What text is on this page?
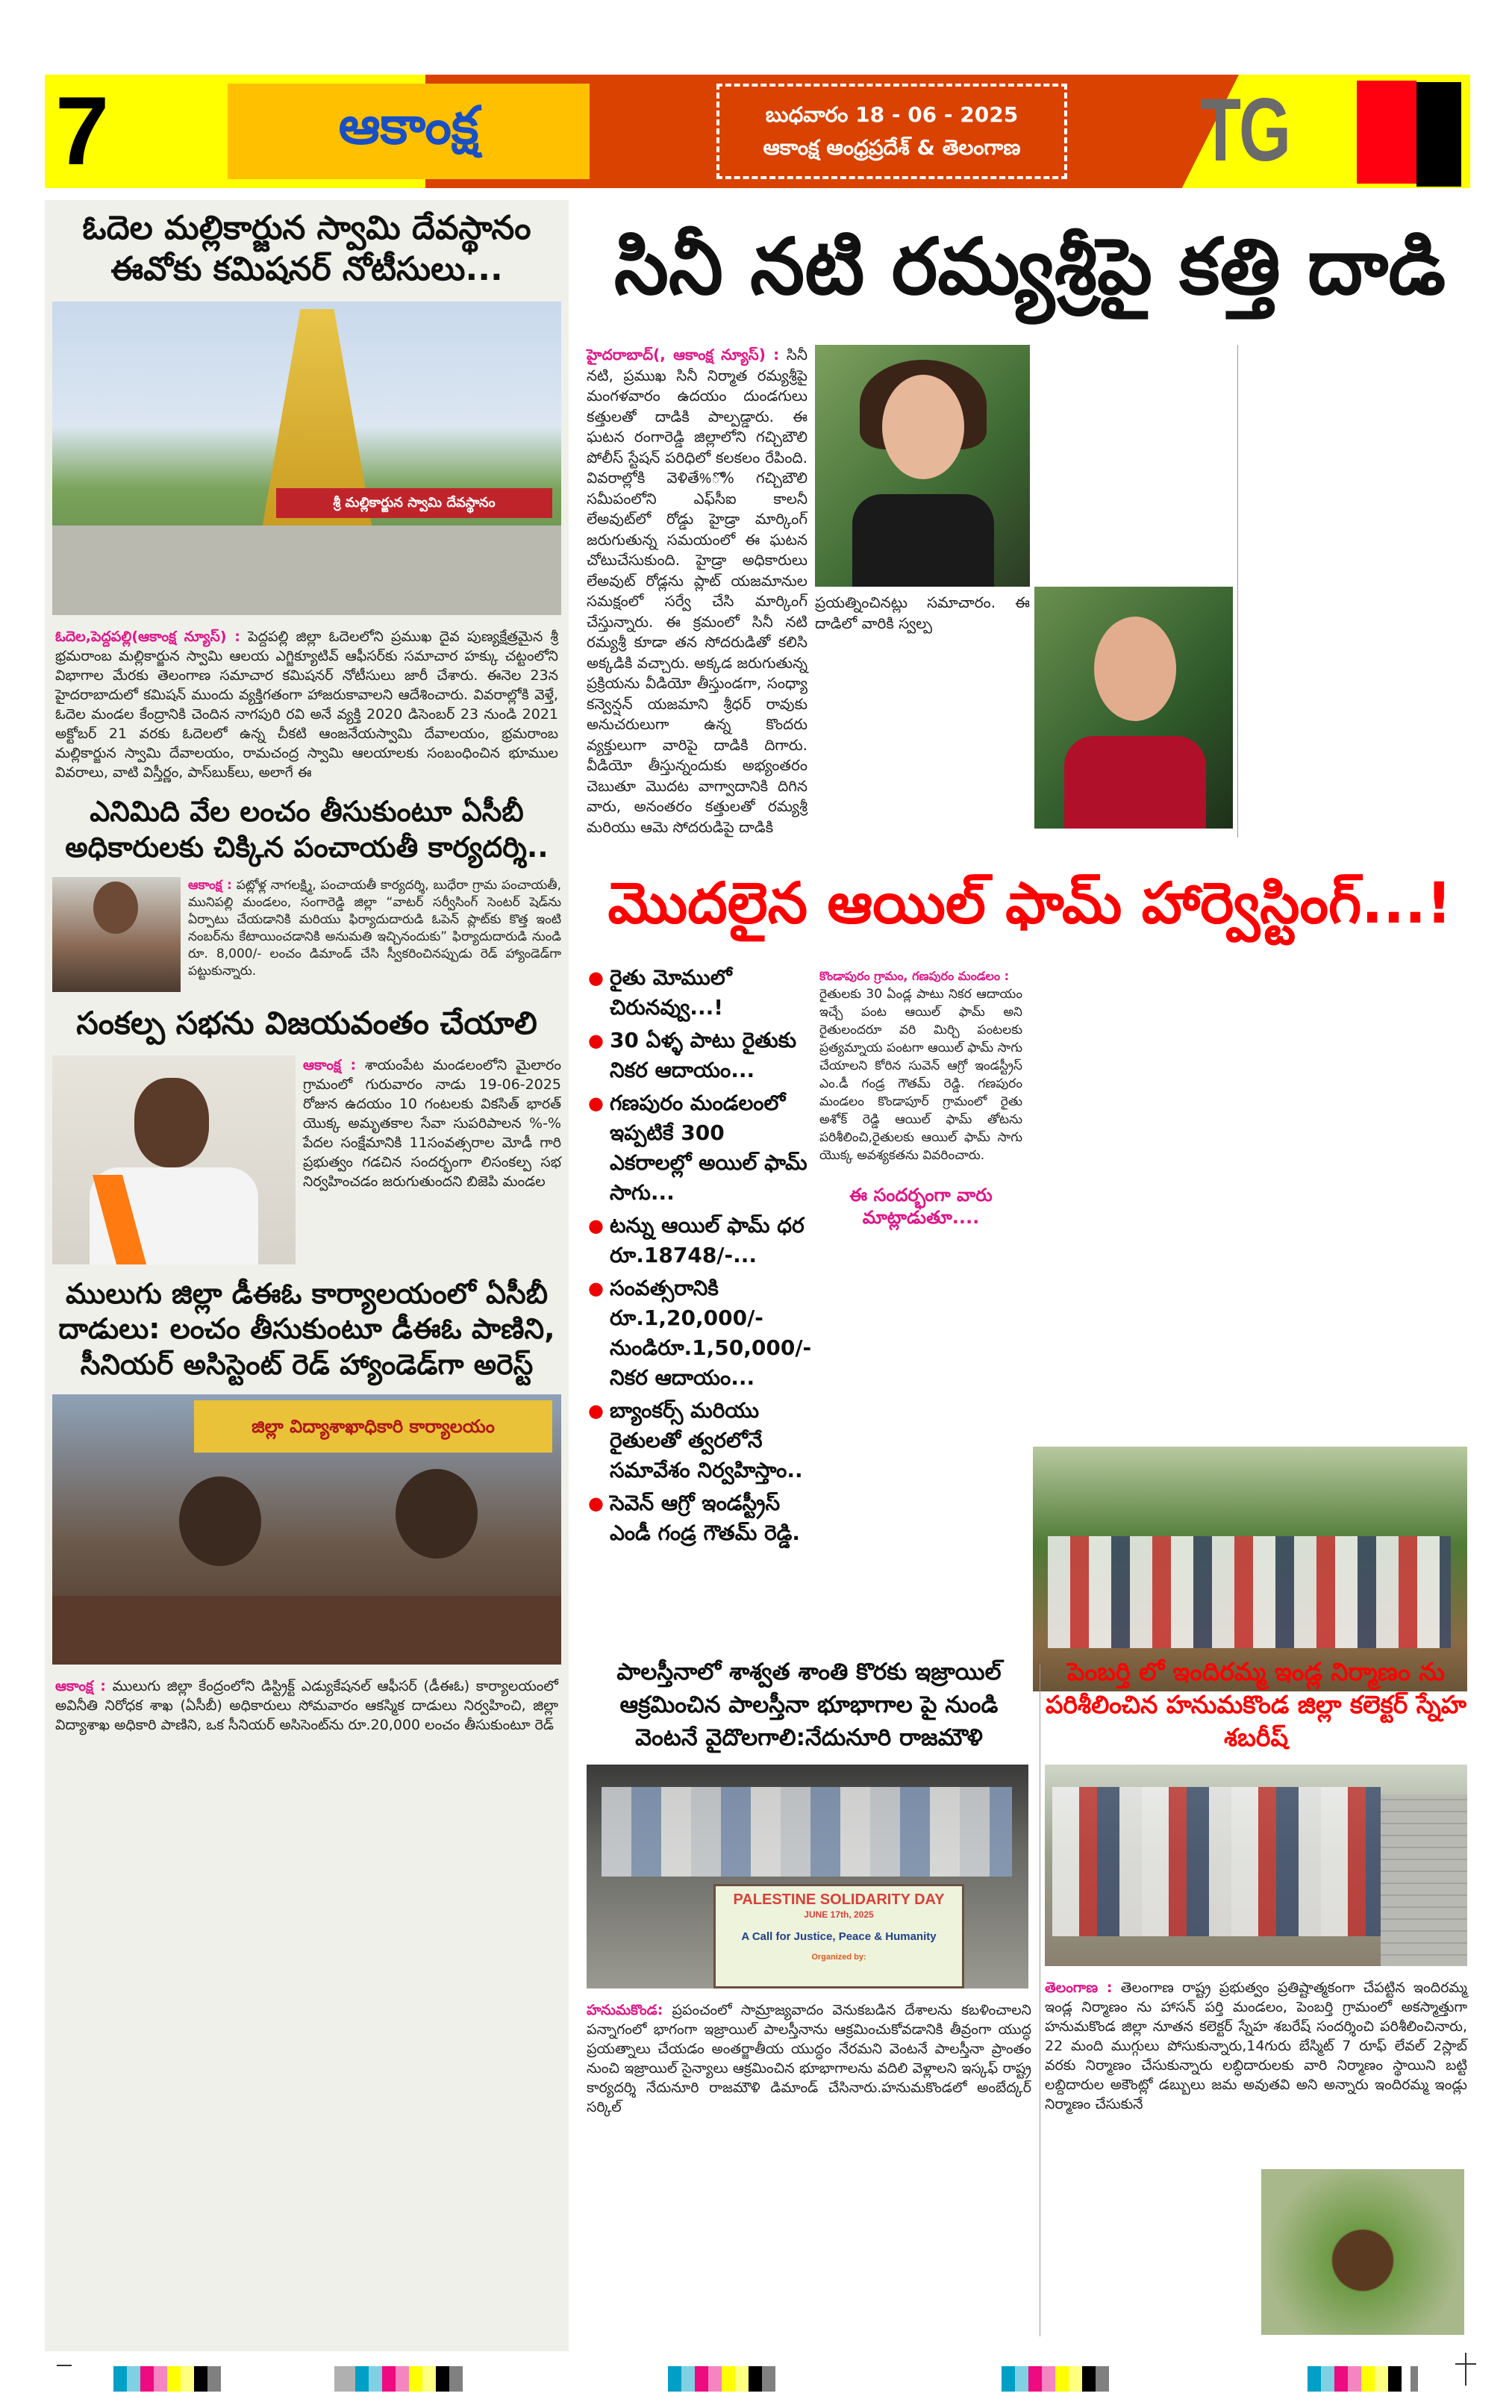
7	ఆకాంక్ష	బుధవారం 18 - 06 - 2025
ఆకాంక్ష ఆంధ్రప్రదేశ్ & తెలంగాణ	TG
ఓదెల మల్లికార్జున స్వామి దేవస్థానం ఈవోకు కమిషనర్ నోటీసులు...
శ్రీ మల్లికార్జున స్వామి దేవస్థానం
ఓదెల,పెద్దపల్లి(ఆకాంక్ష న్యూస్) : పెద్దపల్లి జిల్లా ఓదెలలోని ప్రముఖ దైవ పుణ్యక్షేత్రమైన శ్రీ భ్రమరాంబ మల్లికార్జున స్వామి ఆలయ ఎగ్జిక్యూటివ్ ఆఫీసర్‌కు సమాచార హక్కు చట్టంలోని విభాగాల మేరకు తెలంగాణ సమాచార కమిషనర్ నోటీసులు జారీ చేశారు. ఈనెల 23న హైదరాబాదులో కమిషన్ ముందు వ్యక్తిగతంగా హాజరుకావాలని ఆదేశించారు. వివరాల్లోకి వెళ్తే, ఓదెల మండల కేంద్రానికి చెందిన నాగపురి రవి అనే వ్యక్తి 2020 డిసెంబర్ 23 నుండి 2021 అక్టోబర్ 21 వరకు ఓదెలలో ఉన్న చీకటి ఆంజనేయస్వామి దేవాలయం, భ్రమరాంబ మల్లికార్జున స్వామి దేవాలయం, రామచంద్ర స్వామి ఆలయాలకు సంబంధించిన భూముల వివరాలు, వాటి విస్తీర్ణం, పాస్‌బుక్‌లు, అలాగే ఈ
ఎనిమిది వేల లంచం తీసుకుంటూ ఏసీబీ అధికారులకు చిక్కిన పంచాయతీ కార్యదర్శి..
ఆకాంక్ష : పట్లోళ్ల నాగలక్ష్మి, పంచాయతీ కార్యదర్శి, బుధేరా గ్రామ పంచాయతీ, మునిపల్లి మండలం, సంగారెడ్డి జిల్లా “వాటర్ సర్వీసింగ్ సెంటర్ షెడ్‌ను ఏర్పాటు చేయడానికి మరియు ఫిర్యాదుదారుడి ఓపెన్ ప్లాట్‌కు కొత్త ఇంటి నంబర్‌ను కేటాయించడానికి అనుమతి ఇచ్చినందుకు” ఫిర్యాదుదారుడి నుండి రూ. 8,000/- లంచం డిమాండ్ చేసి స్వీకరించినప్పుడు రెడ్ హ్యాండెడ్‌గా పట్టుకున్నారు.
సంకల్ప సభను విజయవంతం చేయాలి
ఆకాంక్ష : శాయంపేట మండలంలోని మైలారం గ్రామంలో గురువారం నాడు 19-06-2025 రోజున ఉదయం 10 గంటలకు వికసిత్ భారత్ యొక్క అమృతకాల సేవా సుపరిపాలన %-% పేదల సంక్షేమానికి 11సంవత్సరాల మోడీ గారి ప్రభుత్వం గడచిన సందర్భంగా లిసంకల్ప సభ నిర్వహించడం జరుగుతుందని బిజెపి మండల
ములుగు జిల్లా డీఈఓ కార్యాలయంలో ఏసీబీ దాడులు: లంచం తీసుకుంటూ డీఈఓ పాణిని, సీనియర్ అసిస్టెంట్ రెడ్ హ్యాండెడ్‌గా అరెస్ట్
జిల్లా విద్యాశాఖాధికారి కార్యాలయం
ఆకాంక్ష : ములుగు జిల్లా కేంద్రంలోని డిస్ట్రిక్ట్ ఎడ్యుకేషనల్ ఆఫీసర్ (డీఈఓ) కార్యాలయంలో అవినీతి నిరోధక శాఖ (ఏసీబీ) అధికారులు సోమవారం ఆకస్మిక దాడులు నిర్వహించి, జిల్లా విద్యాశాఖ అధికారి పాణిని, ఒక సీనియర్ అసిసెంట్‌ను రూ.20,000 లంచం తీసుకుంటూ రెడ్
సినీ నటి రమ్యశ్రీపై కత్తి దాడి
హైదరాబాద్(, ఆకాంక్ష న్యూస్) : సినీ నటి, ప్రముఖ సినీ నిర్మాత రమ్యశ్రీపై మంగళవారం ఉదయం దుండగులు కత్తులతో దాడికి పాల్పడ్డారు. ఈ ఘటన రంగారెడ్డి జిల్లాలోని గచ్చిబౌలి పోలీస్ స్టేషన్ పరిధిలో కలకలం రేపింది. వివరాల్లోకి వెళితే%ొ% గచ్చిబౌలి సమీపంలోని ఎఫ్‌సీఐ కాలనీ లేఅవుట్‌లో రోడ్డు హైడ్రా మార్కింగ్ జరుగుతున్న సమయంలో ఈ ఘటన చోటుచేసుకుంది. హైడ్రా అధికారులు లేఅవుట్ రోడ్లను ప్లాట్ యజమానుల సమక్షంలో సర్వే చేసి మార్కింగ్ చేస్తున్నారు. ఈ క్రమంలో సినీ నటి రమ్యశ్రీ కూడా తన సోదరుడితో కలిసి అక్కడికి వచ్చారు. అక్కడ జరుగుతున్న ప్రక్రియను వీడియో తీస్తుండగా, సంధ్యా కన్వెన్షన్ యజమాని శ్రీధర్ రావుకు అనుచరులుగా ఉన్న కొందరు వ్యక్తులుగా వారిపై దాడికి దిగారు. వీడియో తీస్తున్నందుకు అభ్యంతరం చెబుతూ మొదట వాగ్వాదానికి దిగిన వారు, అనంతరం కత్తులతో రమ్యశ్రీ మరియు ఆమె సోదరుడిపై దాడికి
ప్రయత్నించినట్లు సమాచారం. ఈ దాడిలో వారికి స్వల్ప
మొదలైన ఆయిల్ ఫామ్ హార్వెస్టింగ్...!
● రైతు మోములో చిరునవ్వు...!
● 30 ఏళ్ళ పాటు రైతుకు నికర ఆదాయం...
● గణపురం మండలంలో ఇప్పటికే 300 ఎకరాలల్లో అయిల్ ఫామ్ సాగు...
● టన్ను ఆయిల్ ఫామ్ ధర రూ.18748/-...
● సంవత్సరానికి రూ.1,20,000/- నుండిరూ.1,50,000/- నికర ఆదాయం...
● బ్యాంకర్స్ మరియు రైతులతో త్వరలోనే సమావేశం నిర్వహిస్తాం..
● సెవెన్ ఆగ్రో ఇండస్ట్రీస్ ఎండీ గండ్ర గౌతమ్ రెడ్డి.
కొండాపురం గ్రామం, గణపురం మండలం :
రైతులకు 30 ఏండ్ల పాటు నికర ఆదాయం ఇచ్చే పంట ఆయిల్ ఫామ్ అని రైతులందరూ వరి మిర్చి పంటలకు ప్రత్యమ్నాయ పంటగా ఆయిల్ ఫామ్ సాగు చేయాలని కోరిన సువెన్ ఆగ్రో ఇండస్ట్రీస్ ఎం.డీ గండ్ర గౌతమ్ రెడ్డి. గణపురం మండలం కొండాపూర్ గ్రామంలో రైతు అశోక్ రెడ్డి ఆయిల్ ఫామ్ తోటను పరిశీలించి,రైతులకు ఆయిల్ ఫామ్ సాగు యొక్క అవశ్యకతను వివరించారు.
ఈ సందర్భంగా వారు మాట్లాడుతూ....
పాలస్తీనాలో శాశ్వత శాంతి కొరకు ఇజ్రాయిల్ ఆక్రమించిన పాలస్తీనా భూభాగాల పై నుండి వెంటనే వైదొలగాలి:నేదునూరి రాజమౌళి
PALESTINE SOLIDARITY DAY
JUNE 17th, 2025
A Call for Justice, Peace & Humanity
Organized by:
హనుమకొండ: ప్రపంచంలో సామ్రాజ్యవాదం వెనుకబడిన దేశాలను కబళించాలని పన్నాగంలో భాగంగా ఇజ్రాయిల్ పాలస్తీనాను ఆక్రమించుకోవడానికి తీవ్రంగా యుద్ధ ప్రయత్నాలు చేయడం అంతర్జాతీయ యుద్ధం నేరమని వెంటనే పాలస్తీనా ప్రాంతం నుంచి ఇజ్రాయిల్ సైన్యాలు ఆక్రమించిన భూభాగాలను వదిలి వెళ్లాలని ఇస్కఫ్ రాష్ట్ర కార్యదర్శి నేదునూరి రాజమౌళి డిమాండ్ చేసినారు.హనుమకొండలో అంబేద్కర్ సర్కిల్
పెంబర్తి లో ఇందిరమ్మ ఇండ్ల నిర్మాణం ను పరిశీలించిన హనుమకొండ జిల్లా కలెక్టర్ స్నేహ శబరీష్
తెలంగాణ : తెలంగాణ రాష్ట్ర ప్రభుత్వం ప్రతిష్టాత్మకంగా చేపట్టిన ఇందిరమ్మ ఇండ్ల నిర్మాణం ను హాసన్ పర్తి మండలం, పెంబర్తి గ్రామంలో అకస్మాత్తుగా హనుమకొండ జిల్లా నూతన కలెక్టర్ స్నేహ శబరేష్ సందర్శించి పరిశీలించినారు, 22 మంది ముగ్గులు పోసుకున్నారు,14గురు బేస్మిట్ 7 రూఫ్ లేవల్ 2స్లాబ్ వరకు నిర్మాణం చేసుకున్నారు లబ్ధిదారులకు వారి నిర్మాణం స్థాయిని బట్టి లబ్దిదారుల అకౌంట్లో డబ్బులు జమ అవుతవి అని అన్నారు ఇందిరమ్మ ఇండ్లు నిర్మాణం చేసుకునే
